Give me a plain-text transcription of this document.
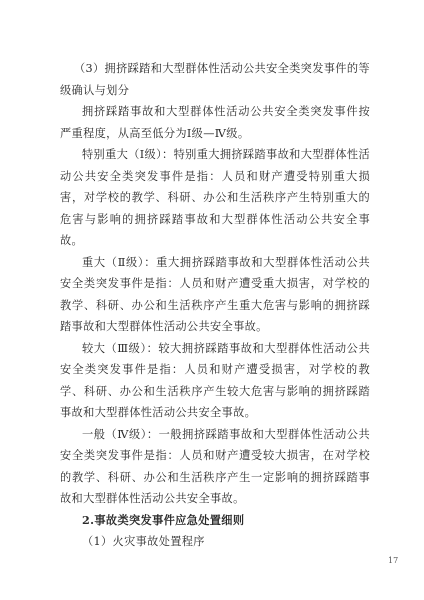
（3）拥挤踩踏和大型群体性活动公共安全类突发事件的等级确认与划分

拥挤踩踏事故和大型群体性活动公共安全类突发事件按严重程度，从高至低分为Ⅰ级—Ⅳ级。

特别重大（Ⅰ级）：特别重大拥挤踩踏事故和大型群体性活动公共安全类突发事件是指：人员和财产遭受特别重大损害，对学校的教学、科研、办公和生活秩序产生特别重大的危害与影响的拥挤踩踏事故和大型群体性活动公共安全事故。

重大（Ⅱ级）：重大拥挤踩踏事故和大型群体性活动公共安全类突发事件是指：人员和财产遭受重大损害，对学校的教学、科研、办公和生活秩序产生重大危害与影响的拥挤踩踏事故和大型群体性活动公共安全事故。

较大（Ⅲ级）：较大拥挤踩踏事故和大型群体性活动公共安全类突发事件是指：人员和财产遭受损害，对学校的教学、科研、办公和生活秩序产生较大危害与影响的拥挤踩踏事故和大型群体性活动公共安全事故。

一般（Ⅳ级）：一般拥挤踩踏事故和大型群体性活动公共安全类突发事件是指：人员和财产遭受较大损害，在对学校的教学、科研、办公和生活秩序产生一定影响的拥挤踩踏事故和大型群体性活动公共安全事故。

2.事故类突发事件应急处置细则

（1）火灾事故处置程序

17
